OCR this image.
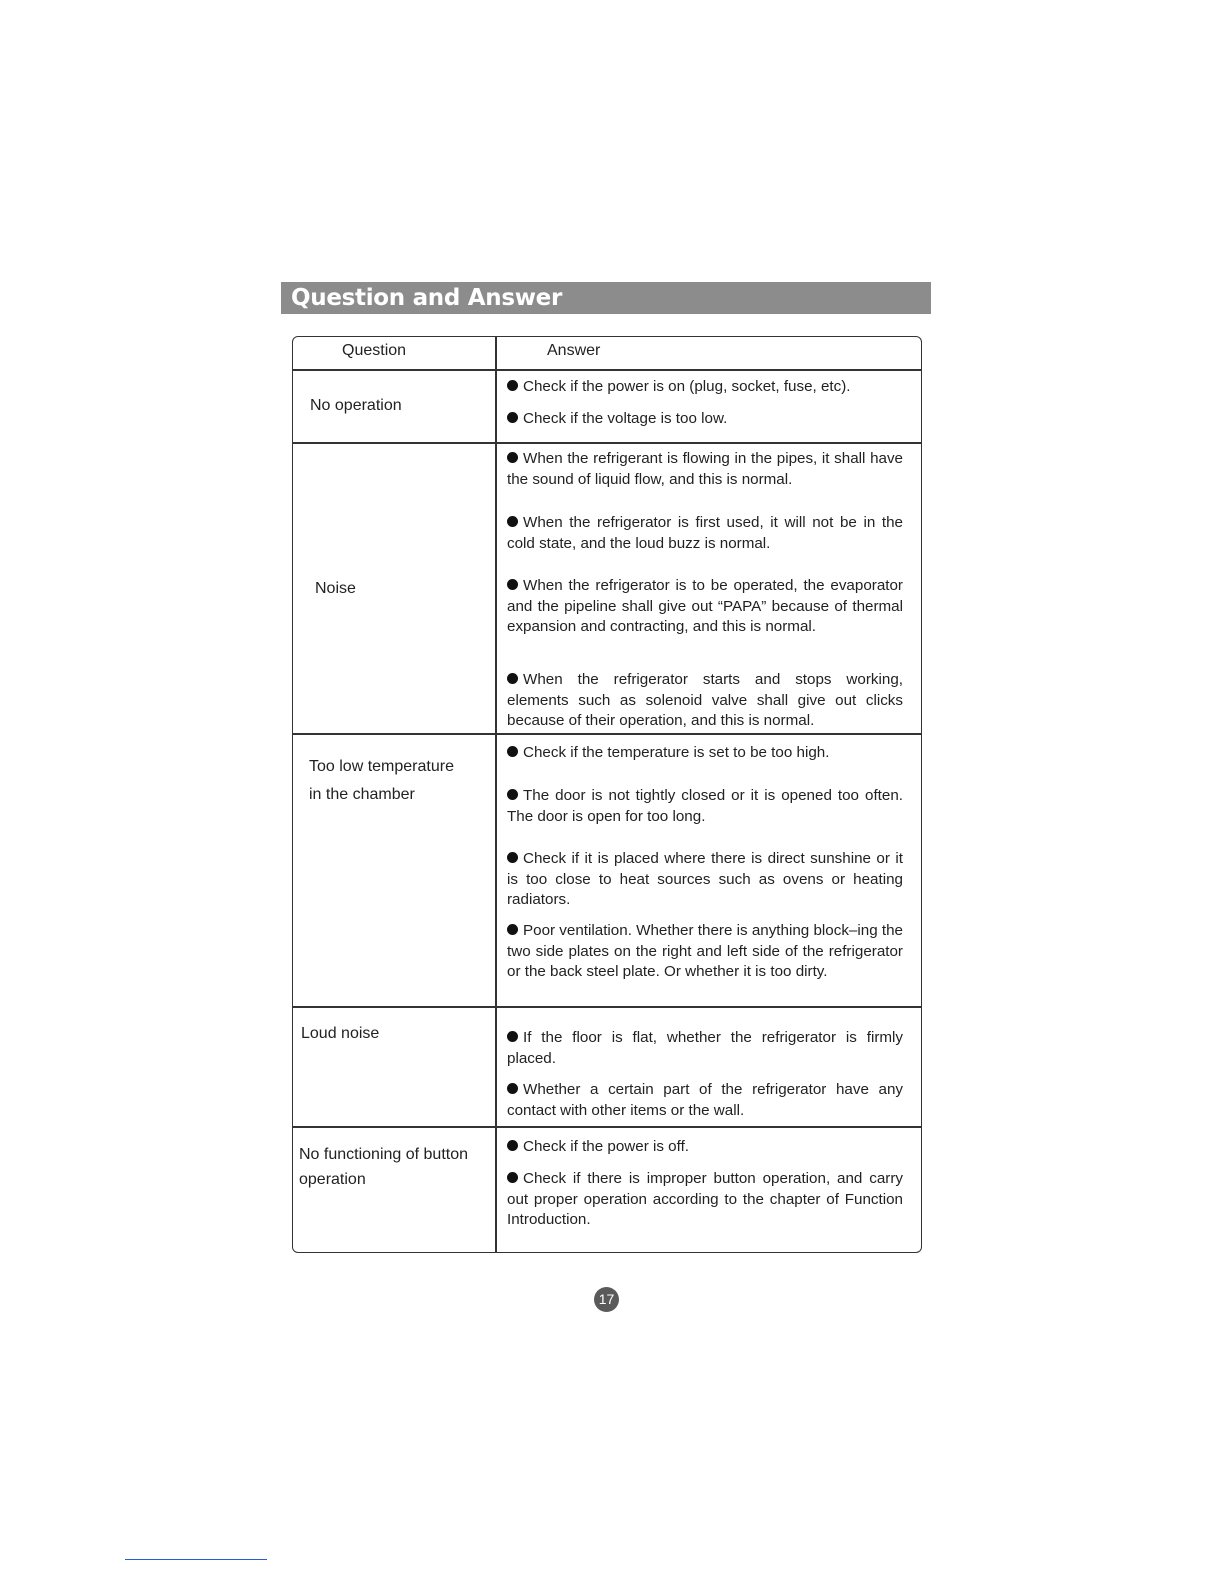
Question and Answer
Question	Answer
No operation

Check if the power is on (plug, socket, fuse, etc).

Check if the voltage is too low.

Noise

When the refrigerant is flowing in the pipes, it shall have the sound of liquid flow, and this is normal.

When the refrigerator is first used, it will not be in the cold state, and the loud buzz is normal.

When the refrigerator is to be operated, the evaporator and the pipeline shall give out “PAPA” because of thermal expansion and contracting, and this is normal.

When the refrigerator starts and stops working, elements such as solenoid valve shall give out clicks because of their operation, and this is normal.

Too low temperature
in the chamber

Check if the temperature is set to be too high.

The door is not tightly closed or it is opened too often. The door is open for too long.

Check if it is placed where there is direct sunshine or it is too close to heat sources such as ovens or heating radiators.

Poor ventilation. Whether there is anything block–ing the two side plates on the right and left side of the refrigerator or the back steel plate. Or whether it is too dirty.

Loud noise	If the floor is flat, whether the refrigerator is firmly placed.

Whether a certain part of the refrigerator have any contact with other items or the wall.

No functioning of button
operation

Check if the power is off.

Check if there is improper button operation, and carry out proper operation according to the chapter of Function Introduction.

17
